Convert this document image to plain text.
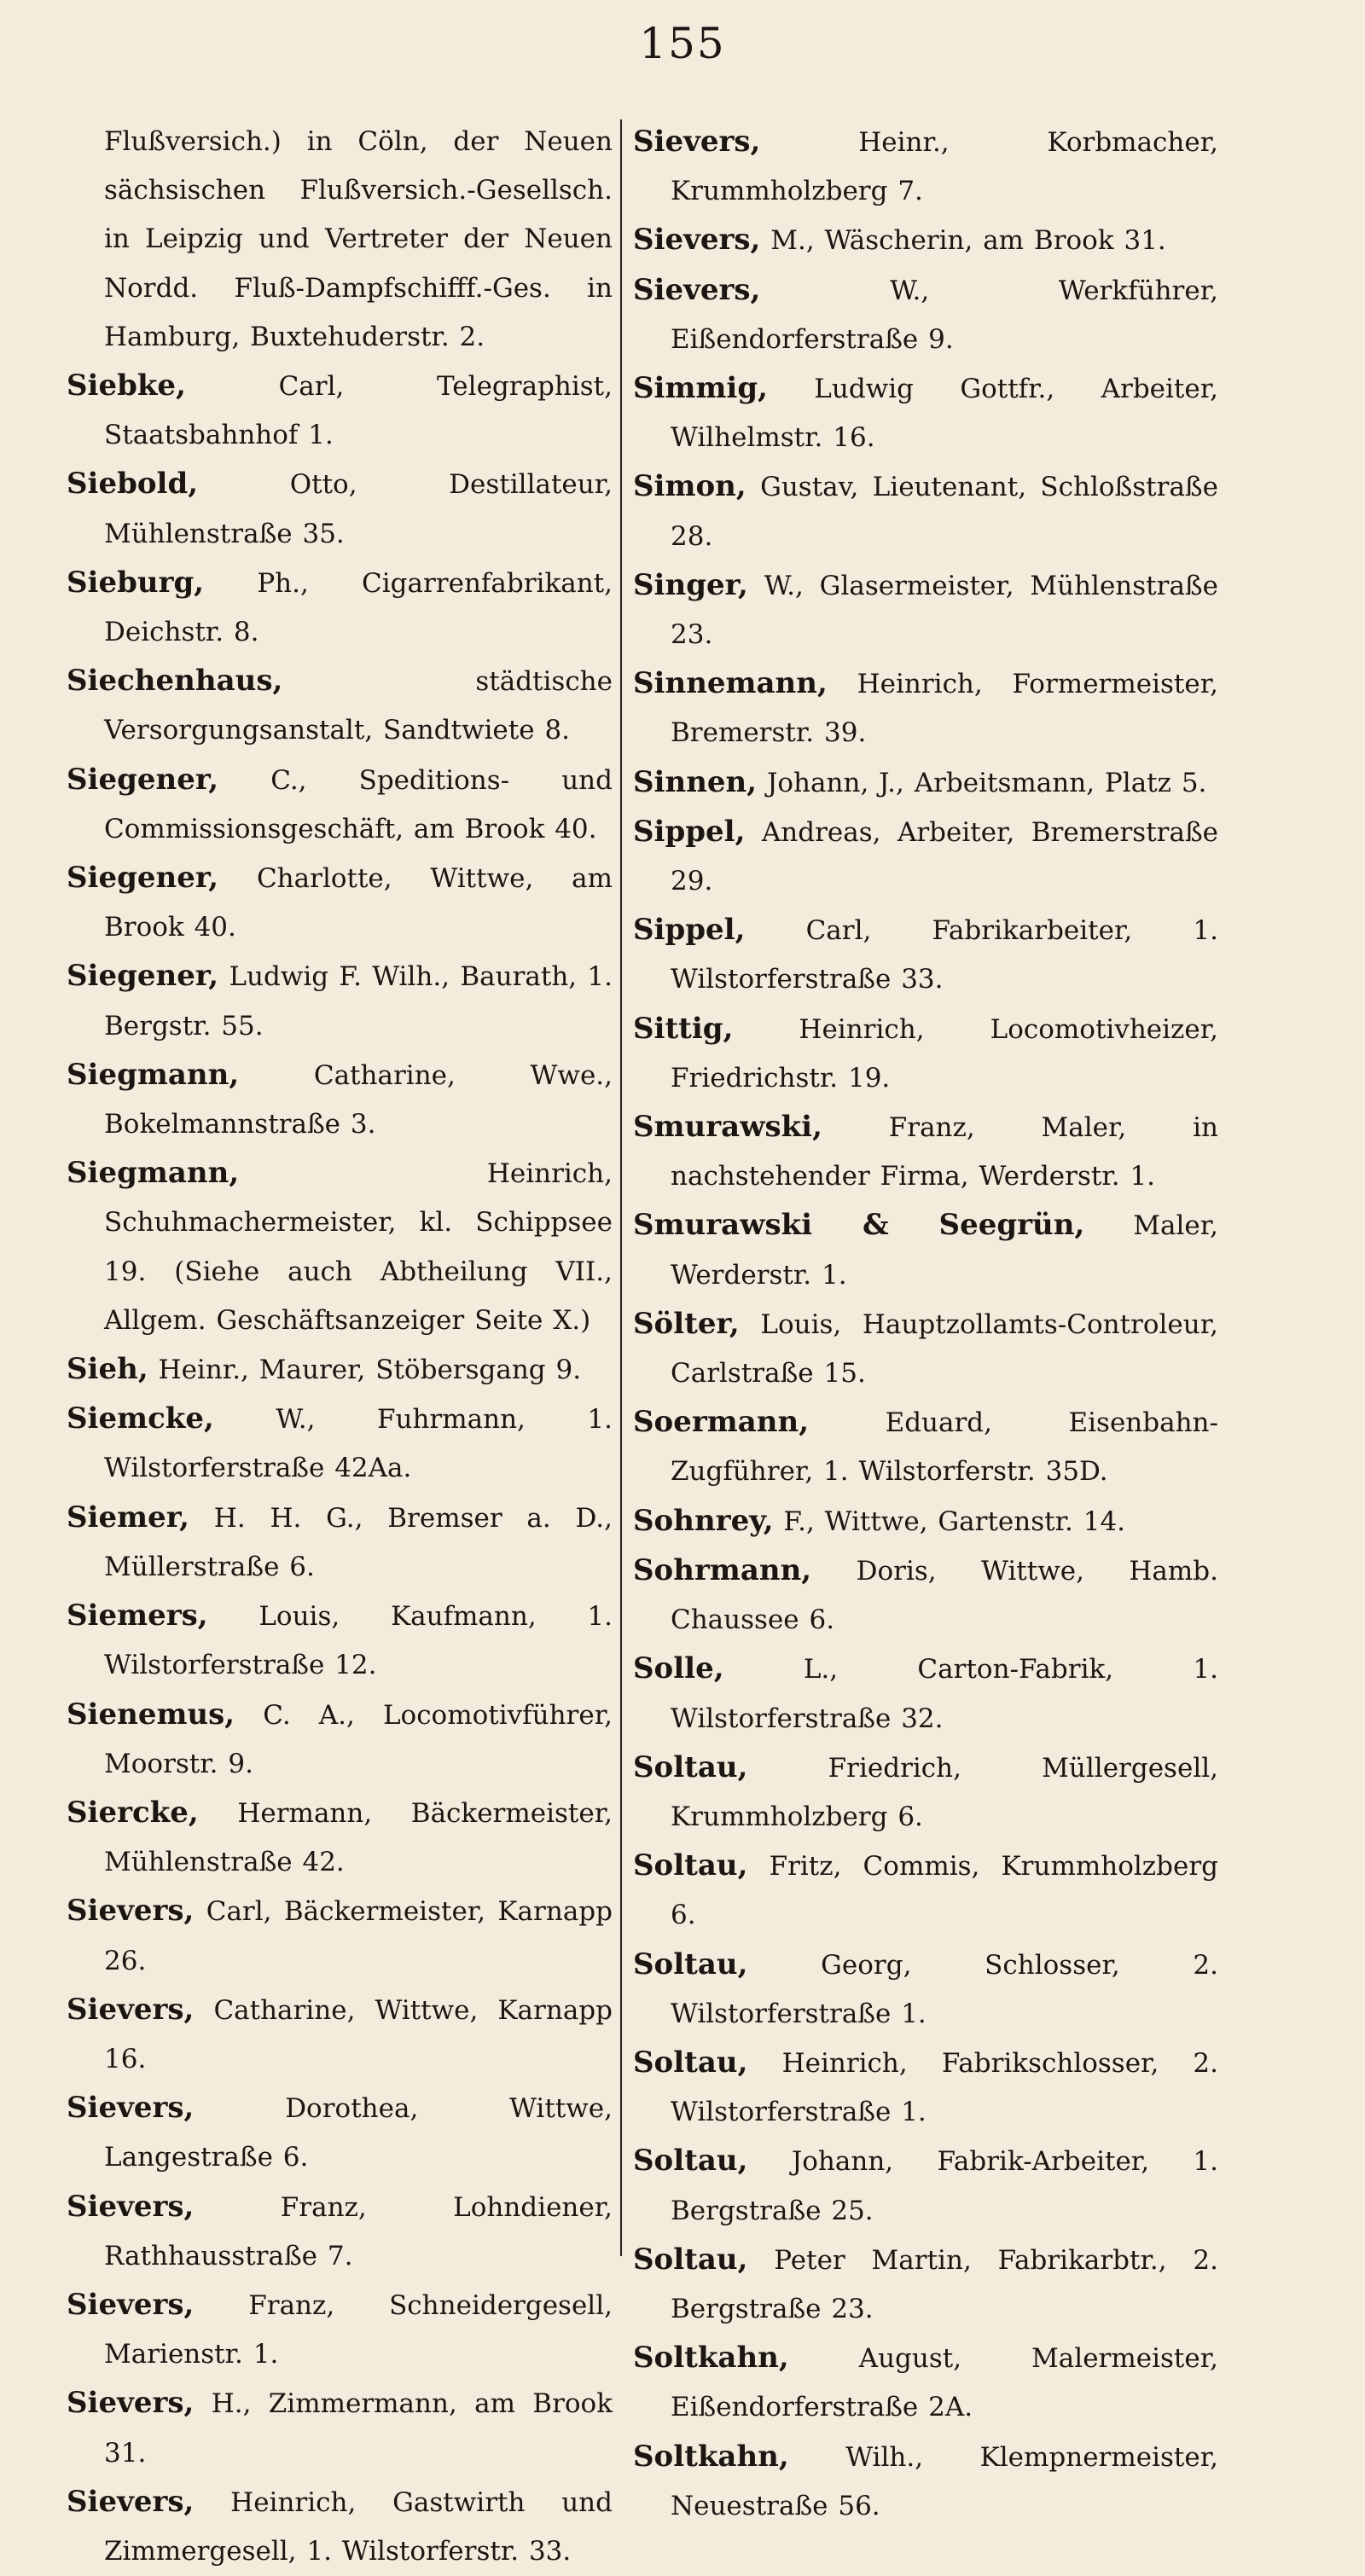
155
Flußversich.) in Cöln, der Neuen sächsischen Flußversich.-Gesellsch. in Leipzig und Vertreter der Neuen Nordd. Fluß-Dampfschifff.-Ges. in Hamburg, Buxtehuderstr. 2.
Siebke,	Carl, Telegraphist, Staatsbahnhof 1.
Siebold,	Otto, Destillateur, Mühlenstraße 35.
Sieburg, Ph., Cigarrenfabrikant, Deichstr. 8.
Siechenhaus,	städtische Versorgungsanstalt, Sandtwiete 8.
Siegener, C., Speditions- und Commissionsgeschäft, am Brook 40.
Siegener, Charlotte, Wittwe, am Brook 40.
Siegener, Ludwig F. Wilh., Baurath, 1. Bergstr. 55.
Siegmann,	Catharine, Wwe., Bokelmannstraße 3.
Siegmann,	Heinrich, Schuhmachermeister, kl. Schippsee 19. (Siehe auch Abtheilung VII., Allgem. Geschäftsanzeiger Seite X.)
Sieh, Heinr., Maurer, Stöbersgang 9.
Siemcke, W., Fuhrmann, 1. Wilstorferstraße 42Aa.
Siemer, H. H. G., Bremser a. D., Müllerstraße 6.
Siemers, Louis, Kaufmann, 1. Wilstorferstraße 12.
Sienemus, C. A., Locomotivführer, Moorstr. 9.
Siercke, Hermann, Bäckermeister, Mühlenstraße 42.
Sievers, Carl, Bäckermeister, Karnapp 26.
Sievers, Catharine, Wittwe, Karnapp 16.
Sievers,	Dorothea, Wittwe, Langestraße 6.
Sievers,	Franz, Lohndiener, Rathhausstraße 7.
Sievers, Franz, Schneidergesell, Marienstr. 1.
Sievers, H., Zimmermann, am Brook 31.
Sievers, Heinrich, Gastwirth und Zimmergesell, 1. Wilstorferstr. 33.
Sievers,	Heinr., Korbmacher, Krummholzberg 7.
Sievers, M., Wäscherin, am Brook 31.
Sievers,	W., Werkführer, Eißendorferstraße 9.
Simmig, Ludwig Gottfr., Arbeiter, Wilhelmstr. 16.
Simon, Gustav, Lieutenant, Schloßstraße 28.
Singer, W., Glasermeister, Mühlenstraße 23.
Sinnemann, Heinrich, Formermeister, Bremerstr. 39.
Sinnen, Johann, J., Arbeitsmann, Platz 5.
Sippel, Andreas, Arbeiter, Bremerstraße 29.
Sippel, Carl, Fabrikarbeiter, 1. Wilstorferstraße 33.
Sittig, Heinrich, Locomotivheizer, Friedrichstr. 19.
Smurawski,	Franz, Maler, in nachstehender Firma, Werderstr. 1.
Smurawski & Seegrün, Maler, Werderstr. 1.
Sölter, Louis, Hauptzollamts-Controleur, Carlstraße 15.
Soermann,	Eduard, Eisenbahn-Zugführer, 1. Wilstorferstr. 35D.
Sohnrey, F., Wittwe, Gartenstr. 14.
Sohrmann, Doris, Wittwe, Hamb. Chaussee 6.
Solle,	L., Carton-Fabrik, 1. Wilstorferstraße 32.
Soltau,	Friedrich, Müllergesell, Krummholzberg 6.
Soltau, Fritz, Commis, Krummholzberg 6.
Soltau,	Georg, Schlosser, 2. Wilstorferstraße 1.
Soltau, Heinrich, Fabrikschlosser, 2. Wilstorferstraße 1.
Soltau, Johann, Fabrik-Arbeiter, 1. Bergstraße 25.
Soltau, Peter Martin, Fabrikarbtr., 2. Bergstraße 23.
Soltkahn,	August, Malermeister, Eißendorferstraße 2A.
Soltkahn, Wilh., Klempnermeister, Neuestraße 56.
